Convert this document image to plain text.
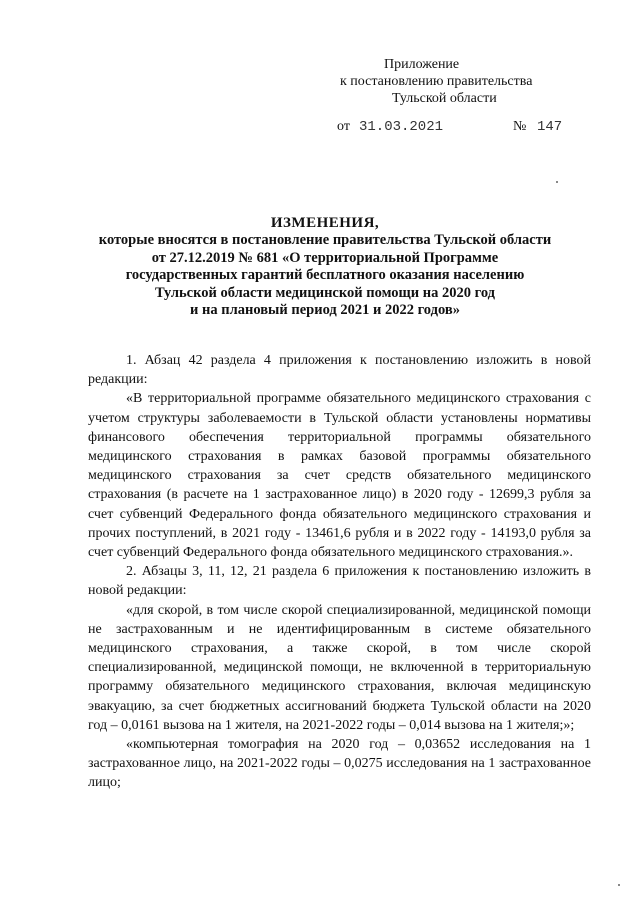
Приложение
к постановлению правительства
Тульской области
от 31.03.2021	№ 147
ИЗМЕНЕНИЯ,
которые вносятся в постановление правительства Тульской области
от 27.12.2019 № 681 «О территориальной Программе
государственных гарантий бесплатного оказания населению
Тульской области медицинской помощи на 2020 год
и на плановый период 2021 и 2022 годов»

1. Абзац 42 раздела 4 приложения к постановлению изложить в новой редакции:

«В территориальной программе обязательного медицинского страхования с учетом структуры заболеваемости в Тульской области установлены нормативы финансового обеспечения территориальной программы обязательного медицинского страхования в рамках базовой программы обязательного медицинского страхования за счет средств обязательного медицинского страхования (в расчете на 1 застрахованное лицо) в 2020 году - 12699,3 рубля за счет субвенций Федерального фонда обязательного медицинского страхования и прочих поступлений, в 2021 году - 13461,6 рубля и в 2022 году - 14193,0 рубля за счет субвенций Федерального фонда обязательного медицинского страхования.».

2. Абзацы 3, 11, 12, 21 раздела 6 приложения к постановлению изложить в новой редакции:

«для скорой, в том числе скорой специализированной, медицинской помощи не застрахованным и не идентифицированным в системе обязательного медицинского страхования, а также скорой, в том числе скорой специализированной, медицинской помощи, не включенной в территориальную программу обязательного медицинского страхования, включая медицинскую эвакуацию, за счет бюджетных ассигнований бюджета Тульской области на 2020 год – 0,0161 вызова на 1 жителя, на 2021-2022 годы – 0,014 вызова на 1 жителя;»;

«компьютерная томография на 2020 год – 0,03652 исследования на 1 застрахованное лицо, на 2021-2022 годы – 0,0275 исследования на 1 застрахованное лицо;
